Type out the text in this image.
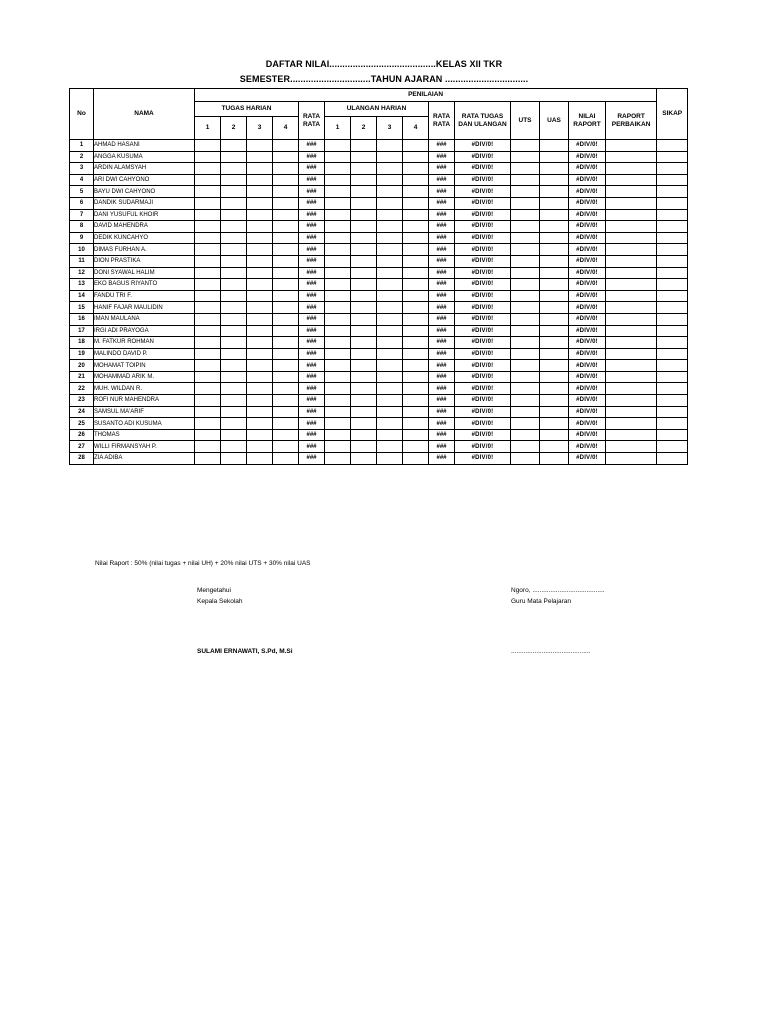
DAFTAR NILAI.........................................KELAS XII TKR
SEMESTER...............................TAHUN AJARAN ................................
No	NAMA	PENILAIAN															SIKAP
		TUGAS HARIAN				RATA RATA	ULANGAN HARIAN				RATA RATA	RATA TUGAS DAN ULANGAN	UTS	UAS	NILAI RAPORT	RAPORT PERBAIKAN	
		1	2	3	4		1	2	3	4							
1	AHMAD HASANI					###					###	#DIV/0!			#DIV/0!		
2	ANGGA KUSUMA					###					###	#DIV/0!			#DIV/0!		
3	ARDIN ALAMSYAH					###					###	#DIV/0!			#DIV/0!		
4	ARI DWI CAHYONO					###					###	#DIV/0!			#DIV/0!		
5	BAYU DWI CAHYONO					###					###	#DIV/0!			#DIV/0!		
6	DANDIK SUDARMAJI					###					###	#DIV/0!			#DIV/0!		
7	DANI YUSUFUL KHOIR					###					###	#DIV/0!			#DIV/0!		
8	DAVID MAHENDRA					###					###	#DIV/0!			#DIV/0!		
9	DEDIK KUNCAHYO					###					###	#DIV/0!			#DIV/0!		
10	DIMAS FURHAN A.					###					###	#DIV/0!			#DIV/0!		
11	DION PRASTIKA					###					###	#DIV/0!			#DIV/0!		
12	DONI SYAWAL HALIM					###					###	#DIV/0!			#DIV/0!		
13	EKO BAGUS RIYANTO					###					###	#DIV/0!			#DIV/0!		
14	FANDU TRI F.					###					###	#DIV/0!			#DIV/0!		
15	HANIF FAJAR MAULIDIN					###					###	#DIV/0!			#DIV/0!		
16	IMAN MAULANA					###					###	#DIV/0!			#DIV/0!		
17	IRGI ADI PRAYOGA					###					###	#DIV/0!			#DIV/0!		
18	M. FATKUR ROHMAN					###					###	#DIV/0!			#DIV/0!		
19	MALINDO DAVID P.					###					###	#DIV/0!			#DIV/0!		
20	MOHAMAT TOIPIN					###					###	#DIV/0!			#DIV/0!		
21	MOHAMMAD ARIK M.					###					###	#DIV/0!			#DIV/0!		
22	MUH. WILDAN R.					###					###	#DIV/0!			#DIV/0!		
23	ROFI NUR MAHENDRA					###					###	#DIV/0!			#DIV/0!		
24	SAMSUL MA'ARIF					###					###	#DIV/0!			#DIV/0!		
25	SUSANTO ADI KUSUMA					###					###	#DIV/0!			#DIV/0!		
26	THOMAS					###					###	#DIV/0!			#DIV/0!		
27	WILLI FIRMANSYAH P.					###					###	#DIV/0!			#DIV/0!		
28	ZIA ADIBA					###					###	#DIV/0!			#DIV/0!		
Nilai Raport : 50% (nilai tugas + nilai UH) + 20% nilai UTS + 30% nilai UAS
Mengetahui
Kepala Sekolah
SULAMI ERNAWATI, S.Pd, M.Si
Ngoro, ........................................
Guru Mata Pelajaran
............................................
